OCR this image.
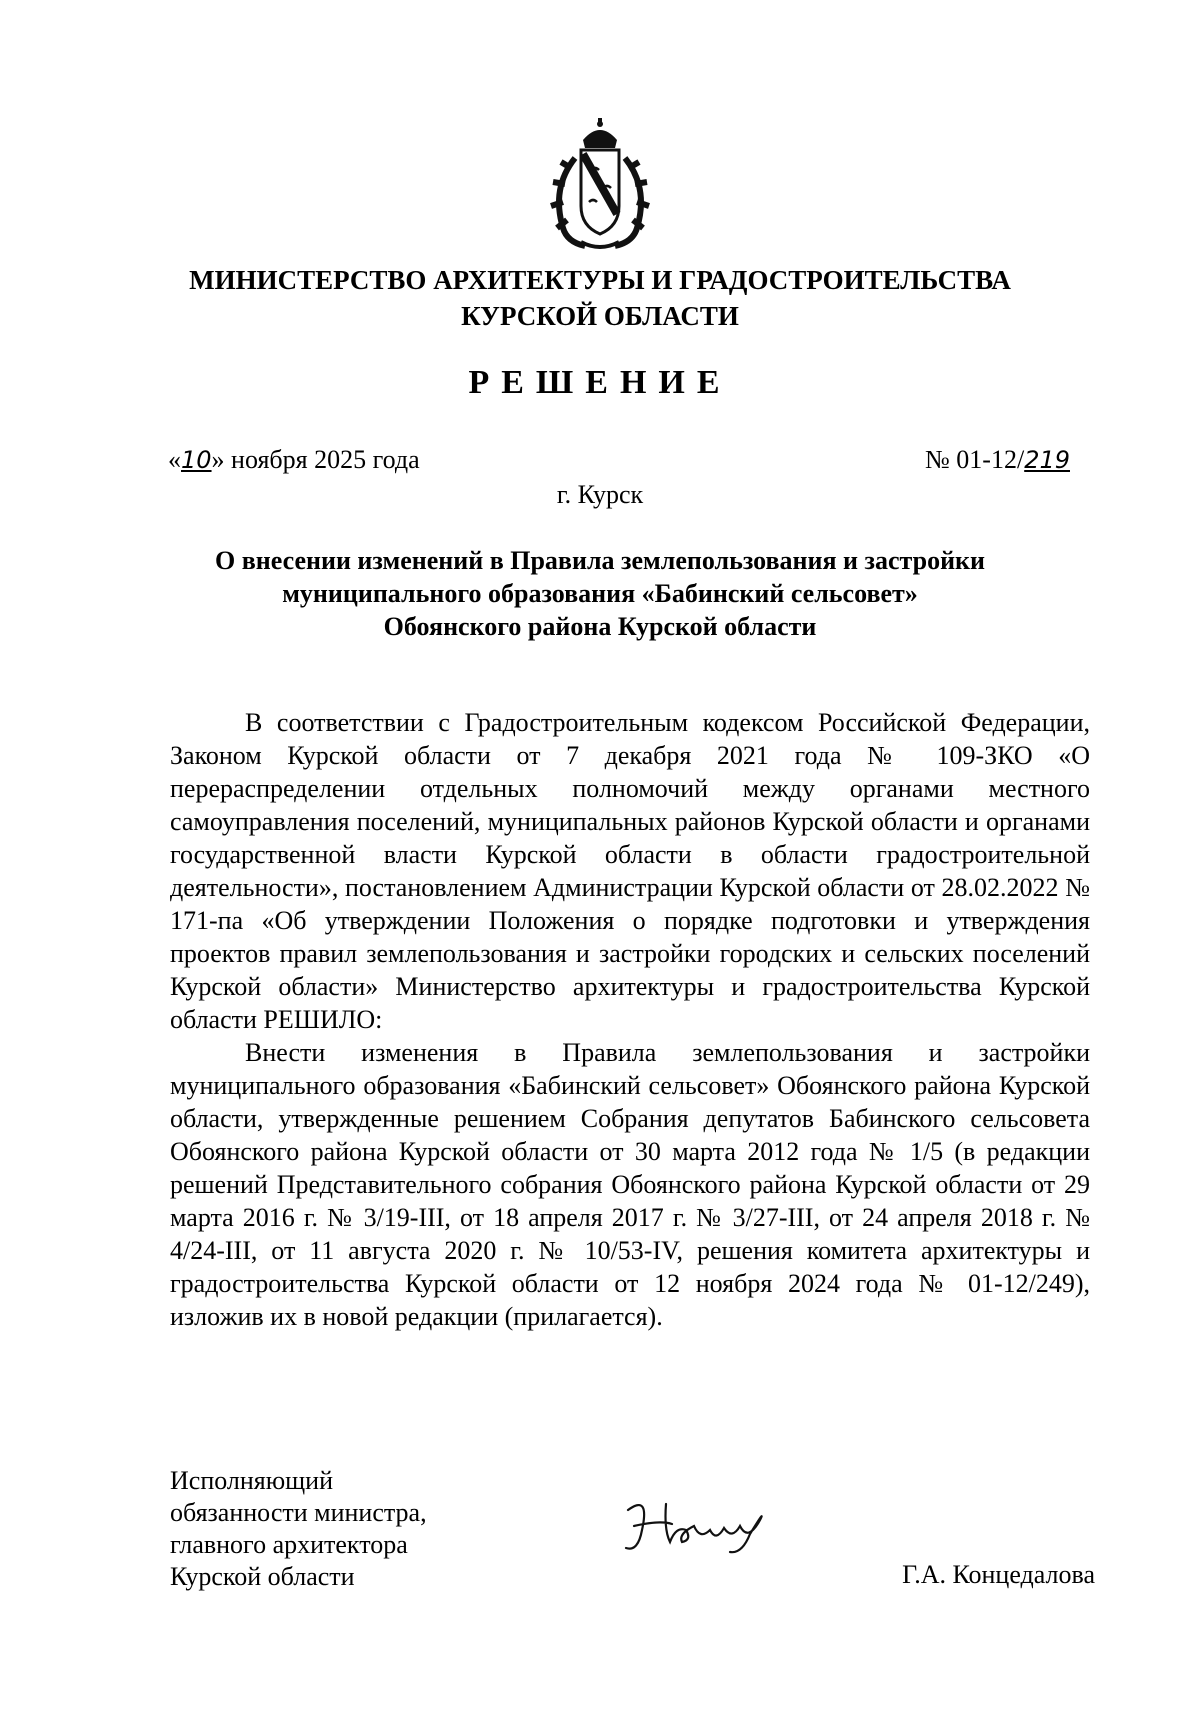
МИНИСТЕРСТВО АРХИТЕКТУРЫ И ГРАДОСТРОИТЕЛЬСТВА
КУРСКОЙ ОБЛАСТИ
РЕШЕНИЕ
«10» ноября 2025 года	№ 01-12/219
г. Курск
О внесении изменений в Правила землепользования и застройки
муниципального образования «Бабинский сельсовет»
Обоянского района Курской области

В соответствии с Градостроительным кодексом Российской Федерации, Законом Курской области от 7 декабря 2021 года № 109-ЗКО «О перераспределении отдельных полномочий между органами местного самоуправления поселений, муниципальных районов Курской области и органами государственной власти Курской области в области градостроительной деятельности», постановлением Администрации Курской области от 28.02.2022 № 171-па «Об утверждении Положения о порядке подготовки и утверждения проектов правил землепользования и застройки городских и сельских поселений Курской области» Министерство архитектуры и градостроительства Курской области РЕШИЛО:

Внести изменения в Правила землепользования и застройки муниципального образования «Бабинский сельсовет» Обоянского района Курской области, утвержденные решением Собрания депутатов Бабинского сельсовета Обоянского района Курской области от 30 марта 2012 года № 1/5 (в редакции решений Представительного собрания Обоянского района Курской области от 29 марта 2016 г. № 3/19-III, от 18 апреля 2017 г. № 3/27-III, от 24 апреля 2018 г. № 4/24-III, от 11 августа 2020 г. № 10/53-IV, решения комитета архитектуры и градостроительства Курской области от 12 ноября 2024 года № 01-12/249), изложив их в новой редакции (прилагается).

Исполняющий
обязанности министра,
главного архитектора
Курской области	Г.А. Концедалова
